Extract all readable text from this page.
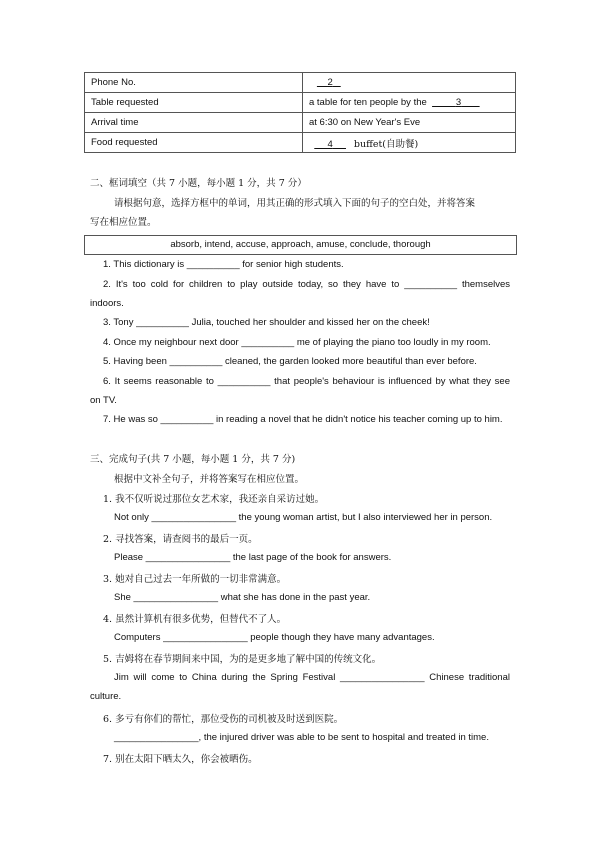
Phone No.	2
Table requested	a table for ten people by the 3
Arrival time	at 6:30 on New Year's Eve
Food requested	4 buffet(自助餐)
二、框词填空（共 7 小题，每小题 1 分，共 7 分）
请根据句意，选择方框中的单词，用其正确的形式填入下面的句子的空白处，并将答案
写在相应位置。
absorb, intend, accuse, approach, amuse, conclude, thorough
1. This dictionary is __________ for senior high students.
2. It's too cold for children to play outside today, so they have to __________ themselves
indoors.
3. Tony __________ Julia, touched her shoulder and kissed her on the cheek!
4. Once my neighbour next door __________ me of playing the piano too loudly in my room.
5. Having been __________ cleaned, the garden looked more beautiful than ever before.
6. It seems reasonable to __________ that people's behaviour is influenced by what they see
on TV.
7. He was so __________ in reading a novel that he didn't notice his teacher coming up to him.
三、完成句子(共 7 小题，每小题 1 分，共 7 分)
根据中文补全句子，并将答案写在相应位置。
1. 我不仅听说过那位女艺术家，我还亲自采访过她。
Not only ________________ the young woman artist, but I also interviewed her in person.
2. 寻找答案，请查阅书的最后一页。
Please ________________ the last page of the book for answers.
3. 她对自己过去一年所做的一切非常满意。
She ________________ what she has done in the past year.
4. 虽然计算机有很多优势，但替代不了人。
Computers ________________ people though they have many advantages.
5. 吉姆将在春节期间来中国，为的是更多地了解中国的传统文化。
Jim will come to China during the Spring Festival ________________ Chinese traditional
culture.
6. 多亏有你们的帮忙，那位受伤的司机被及时送到医院。
________________, the injured driver was able to be sent to hospital and treated in time.
7. 别在太阳下晒太久，你会被晒伤。
